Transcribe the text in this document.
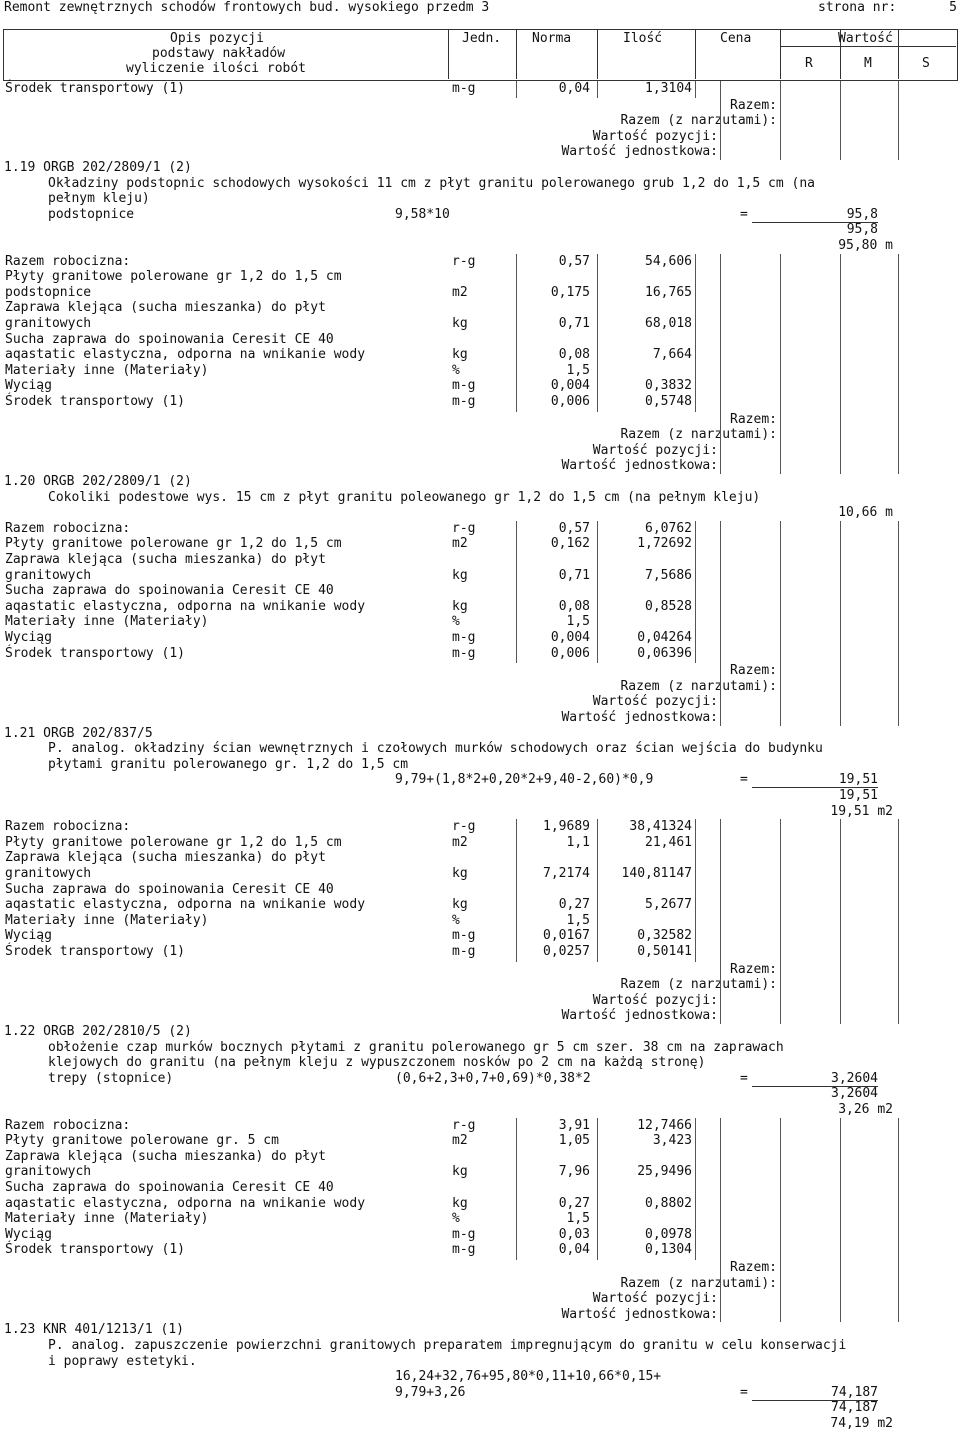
Remont zewnętrznych schodów frontowych bud. wysokiego przedm 3	strona nr:	5
Opis pozycji
podstawy nakładów
wyliczenie ilości robót
Jedn. Norma	Ilość	Cena	Wartość
R	M	S
Środek transportowy (1)	m-g	0,04	1,3104
Razem:
Razem (z narzutami):
Wartość pozycji:
Wartość jednostkowa:
1.19 ORGB 202/2809/1 (2)
Okładziny podstopnic schodowych wysokości 11 cm z płyt granitu polerowanego grub 1,2 do 1,5 cm (na
pełnym kleju)
podstopnice	9,58*10	=	95,8
95,8
95,80 m
Razem robocizna:	r-g	0,57	54,606
Płyty granitowe polerowane gr 1,2 do 1,5 cm
podstopnice	m2	0,175	16,765
Zaprawa klejąca (sucha mieszanka) do płyt
granitowych	kg	0,71	68,018
Sucha zaprawa do spoinowania Ceresit CE 40
aqastatic elastyczna, odporna na wnikanie wody	kg	0,08	7,664
Materiały inne (Materiały)	%	1,5
Wyciąg	m-g	0,004	0,3832
Środek transportowy (1)	m-g	0,006	0,5748
Razem:
Razem (z narzutami):
Wartość pozycji:
Wartość jednostkowa:
1.20 ORGB 202/2809/1 (2)
Cokoliki podestowe wys. 15 cm z płyt granitu poleowanego gr 1,2 do 1,5 cm (na pełnym kleju)
10,66 m
Razem robocizna:	r-g	0,57	6,0762
Płyty granitowe polerowane gr 1,2 do 1,5 cm	m2	0,162	1,72692
Zaprawa klejąca (sucha mieszanka) do płyt
granitowych	kg	0,71	7,5686
Sucha zaprawa do spoinowania Ceresit CE 40
aqastatic elastyczna, odporna na wnikanie wody	kg	0,08	0,8528
Materiały inne (Materiały)	%	1,5
Wyciąg	m-g	0,004	0,04264
Środek transportowy (1)	m-g	0,006	0,06396
Razem:
Razem (z narzutami):
Wartość pozycji:
Wartość jednostkowa:
1.21 ORGB 202/837/5
P. analog. okładziny ścian wewnętrznych i czołowych murków schodowych oraz ścian wejścia do budynku
płytami granitu polerowanego gr. 1,2 do 1,5 cm
9,79+(1,8*2+0,20*2+9,40-2,60)*0,9	=	19,51
19,51
19,51 m2
Razem robocizna:	r-g	1,9689	38,41324
Płyty granitowe polerowane gr 1,2 do 1,5 cm	m2	1,1	21,461
Zaprawa klejąca (sucha mieszanka) do płyt
granitowych	kg	7,2174 140,81147
Sucha zaprawa do spoinowania Ceresit CE 40
aqastatic elastyczna, odporna na wnikanie wody	kg	0,27	5,2677
Materiały inne (Materiały)	%	1,5
Wyciąg	m-g	0,0167	0,32582
Środek transportowy (1)	m-g	0,0257	0,50141
Razem:
Razem (z narzutami):
Wartość pozycji:
Wartość jednostkowa:
1.22 ORGB 202/2810/5 (2)
obłożenie czap murków bocznych płytami z granitu polerowanego gr 5 cm szer. 38 cm na zaprawach
klejowych do granitu (na pełnym kleju z wypuszczonem nosków po 2 cm na każdą stronę)
trepy (stopnice)	(0,6+2,3+0,7+0,69)*0,38*2	=	3,2604
3,2604
3,26 m2
Razem robocizna:	r-g	3,91	12,7466
Płyty granitowe polerowane gr. 5 cm	m2	1,05	3,423
Zaprawa klejąca (sucha mieszanka) do płyt
granitowych	kg	7,96	25,9496
Sucha zaprawa do spoinowania Ceresit CE 40
aqastatic elastyczna, odporna na wnikanie wody	kg	0,27	0,8802
Materiały inne (Materiały)	%	1,5
Wyciąg	m-g	0,03	0,0978
Środek transportowy (1)	m-g	0,04	0,1304
Razem:
Razem (z narzutami):
Wartość pozycji:
Wartość jednostkowa:
1.23 KNR 401/1213/1 (1)
P. analog. zapuszczenie powierzchni granitowych preparatem impregnującym do granitu w celu konserwacji
i poprawy estetyki.
16,24+32,76+95,80*0,11+10,66*0,15+
9,79+3,26	=	74,187
74,187
74,19 m2
